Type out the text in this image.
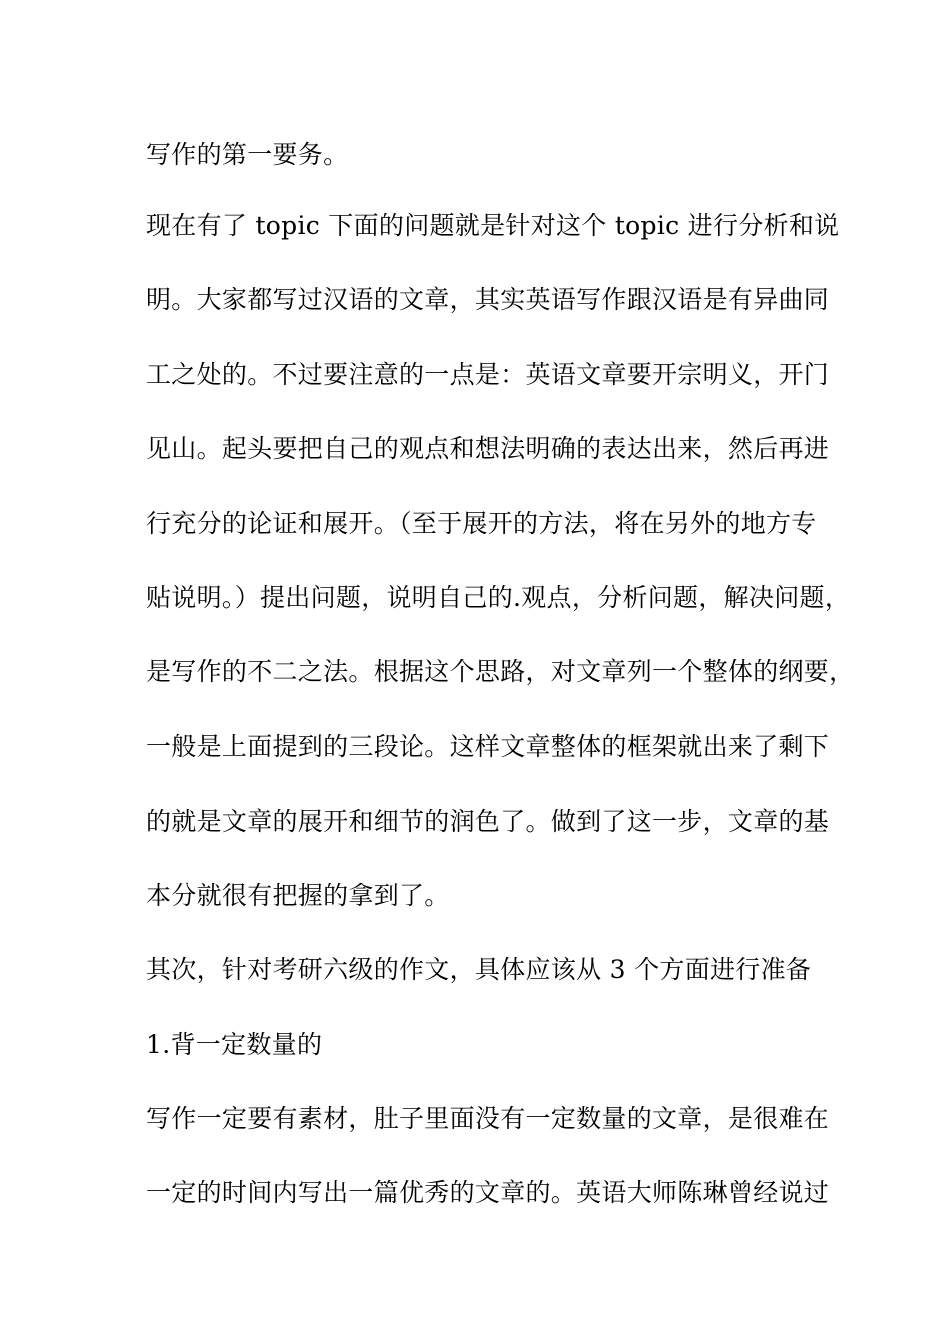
写作的第一要务。
现在有了 topic 下面的问题就是针对这个 topic 进行分析和说
明。大家都写过汉语的文章，其实英语写作跟汉语是有异曲同
工之处的。不过要注意的一点是：英语文章要开宗明义，开门
见山。起头要把自己的观点和想法明确的表达出来，然后再进
行充分的论证和展开。（至于展开的方法，将在另外的地方专
贴说明。）提出问题，说明自己的.观点，分析问题，解决问题，
是写作的不二之法。根据这个思路，对文章列一个整体的纲要，
一般是上面提到的三段论。这样文章整体的框架就出来了剩下
的就是文章的展开和细节的润色了。做到了这一步，文章的基
本分就很有把握的拿到了。
其次，针对考研六级的作文，具体应该从 3 个方面进行准备
1.背一定数量的
写作一定要有素材，肚子里面没有一定数量的文章，是很难在
一定的时间内写出一篇优秀的文章的。英语大师陈琳曾经说过
